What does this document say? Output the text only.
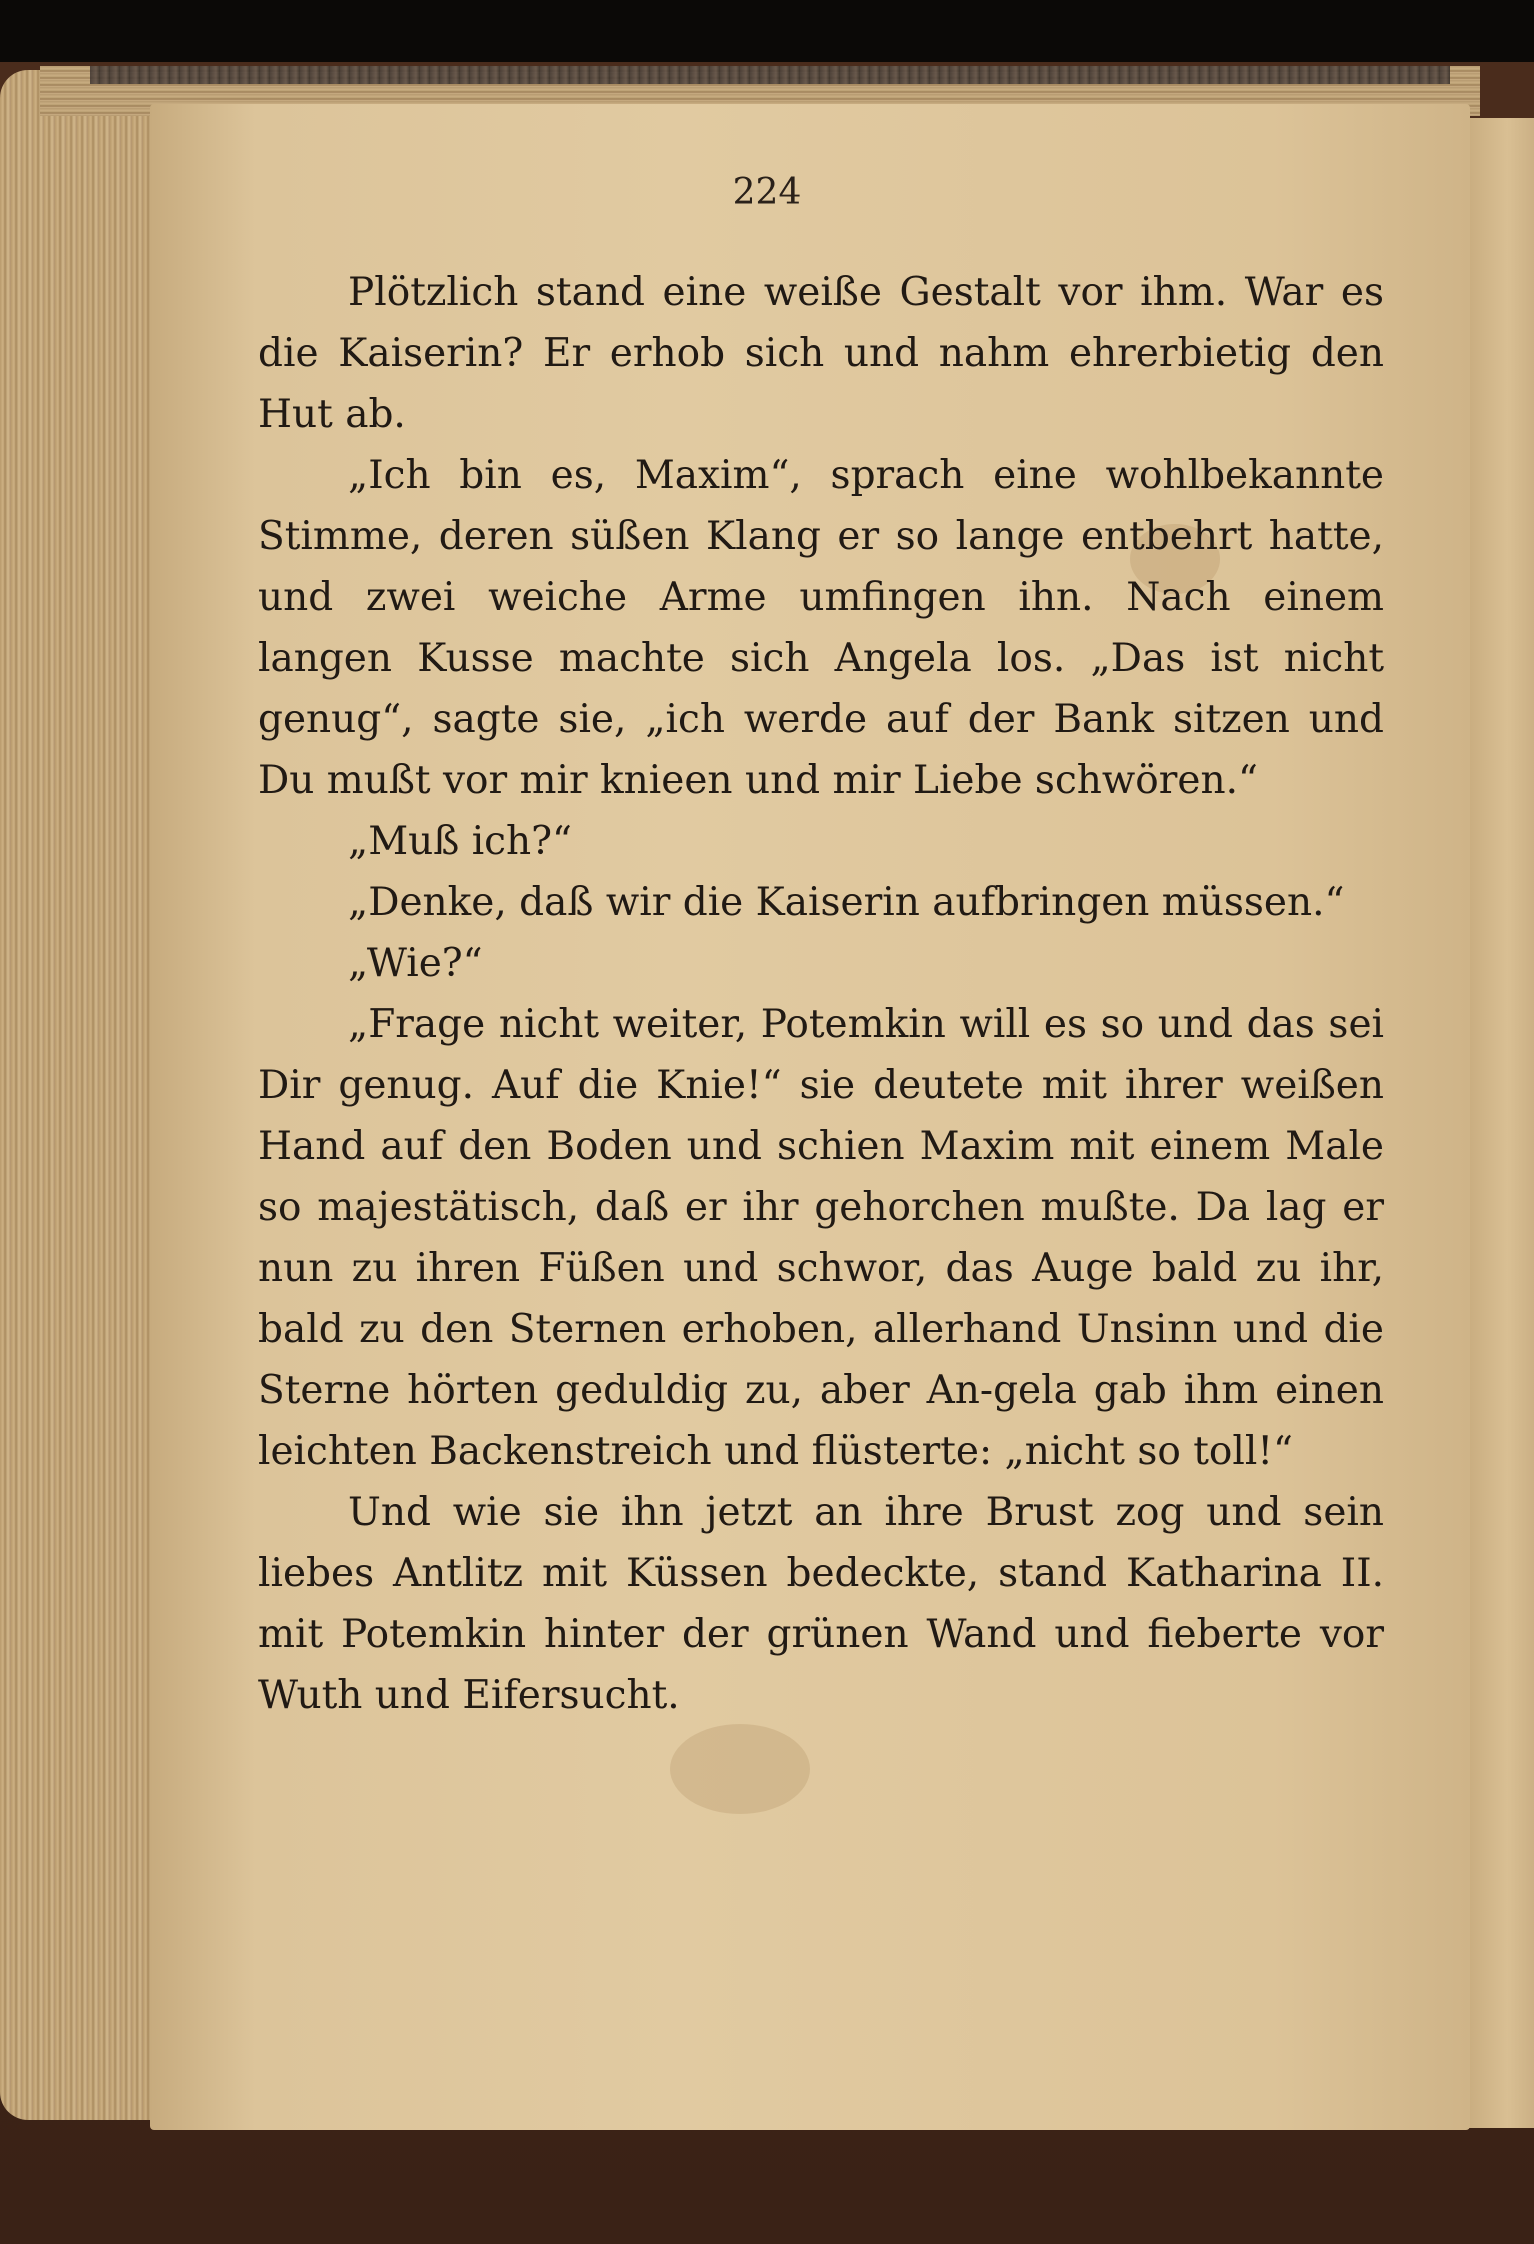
224

Plötzlich stand eine weiße Gestalt vor ihm. War es die Kaiserin? Er erhob sich und nahm ehrerbietig den Hut ab.

„Ich bin es, Maxim“, sprach eine wohlbekannte Stimme, deren süßen Klang er so lange entbehrt hatte, und zwei weiche Arme umfingen ihn. Nach einem langen Kusse machte sich Angela los. „Das ist nicht genug“, sagte sie, „ich werde auf der Bank sitzen und Du mußt vor mir knieen und mir Liebe schwören.“

„Muß ich?“

„Denke, daß wir die Kaiserin aufbringen müssen.“

„Wie?“

„Frage nicht weiter, Potemkin will es so und das sei Dir genug. Auf die Knie!“ sie deutete mit ihrer weißen Hand auf den Boden und schien Maxim mit einem Male so majestätisch, daß er ihr gehorchen mußte. Da lag er nun zu ihren Füßen und schwor, das Auge bald zu ihr, bald zu den Sternen erhoben, allerhand Unsinn und die Sterne hörten geduldig zu, aber An-gela gab ihm einen leichten Backenstreich und flüsterte: „nicht so toll!“

Und wie sie ihn jetzt an ihre Brust zog und sein liebes Antlitz mit Küssen bedeckte, stand Katharina II. mit Potemkin hinter der grünen Wand und fieberte vor Wuth und Eifersucht.
